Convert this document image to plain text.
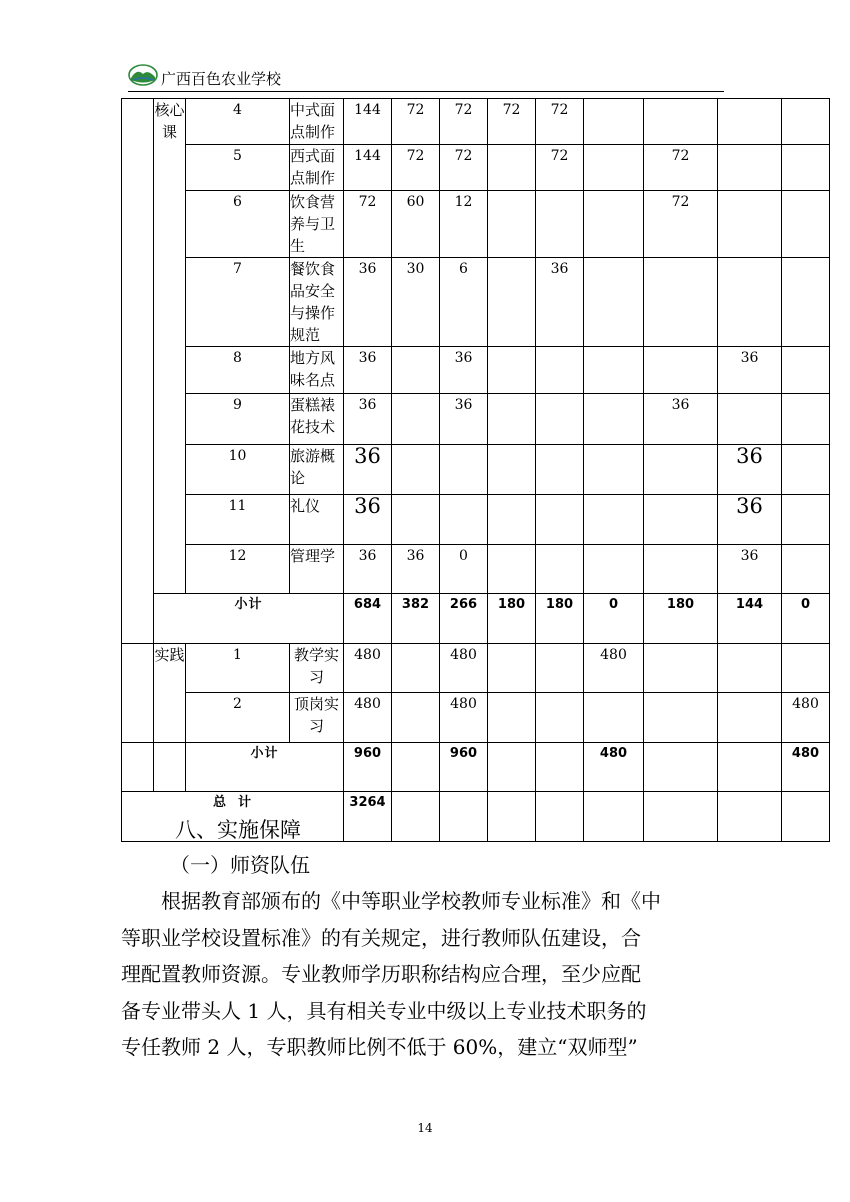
广西百色农业学校
	核心课	4	中式面点制作	144	72	72	72	72				
		5	西式面点制作	144	72	72		72		72		
		6	饮食营养与卫生	72	60	12				72		
		7	餐饮食品安全与操作规范	36	30	6		36				
		8	地方风味名点	36		36					36	
		9	蛋糕裱花技术	36		36				36		
		10	旅游概论	36							36	
		11	礼仪	36							36	
		12	管理学	36	36	0					36	
	小计			684	382	266	180	180	0	180	144	0
	实践	1	教学实习	480		480			480			
		2	顶岗实习	480		480						480
		小计		960		960			480			480
总  计				3264								
八、实施保障
（一）师资队伍
　　根据教育部颁布的《中等职业学校教师专业标准》和《中
等职业学校设置标准》的有关规定，进行教师队伍建设，合
理配置教师资源。专业教师学历职称结构应合理，至少应配
备专业带头人 1 人，具有相关专业中级以上专业技术职务的
专任教师 2 人，专职教师比例不低于 60%，建立“双师型”
14
